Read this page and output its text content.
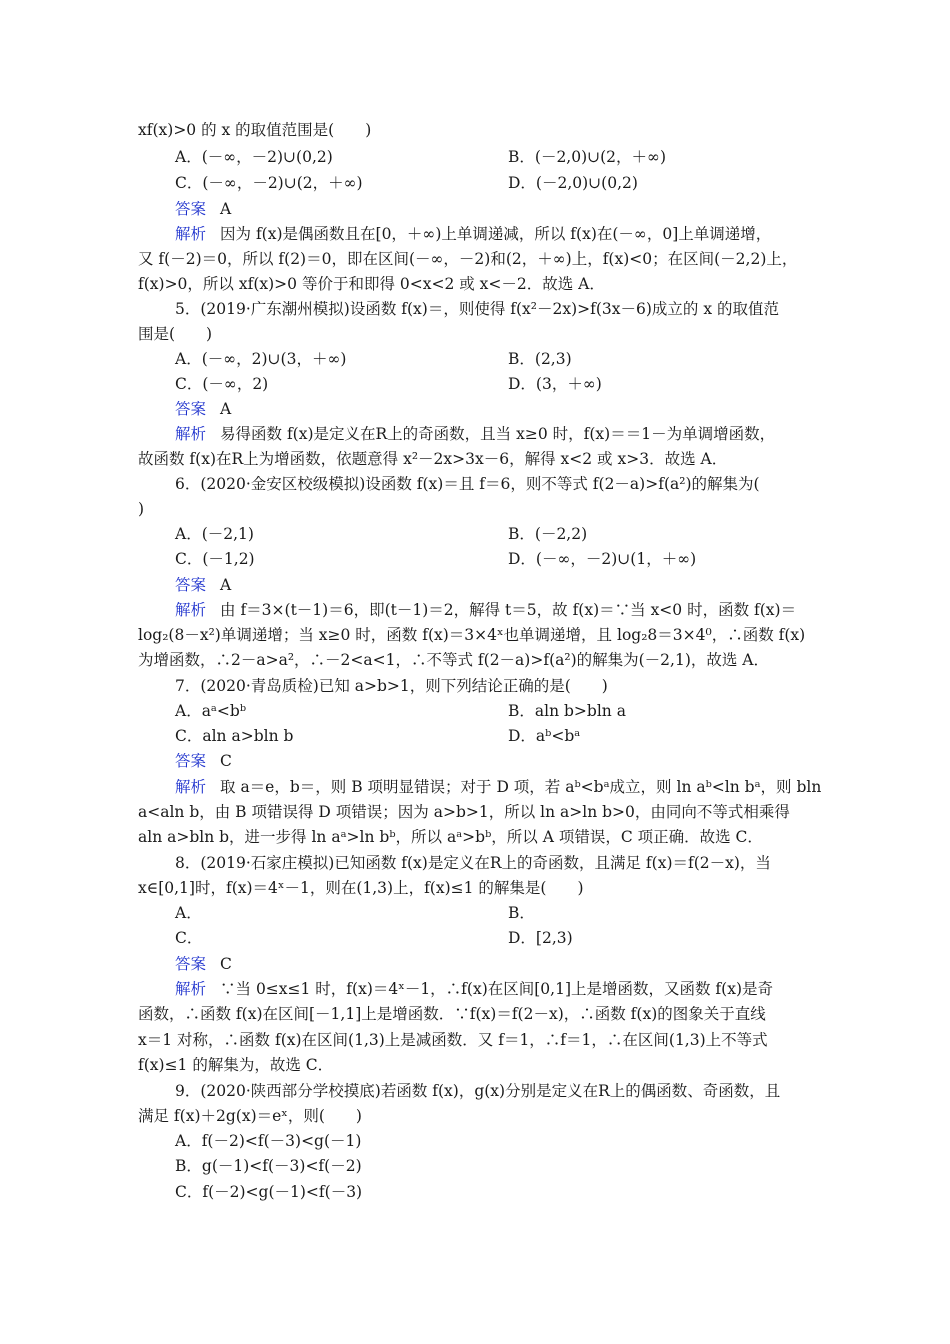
xf(x)>0 的 x 的取值范围是(　　)
A．(－∞，－2)∪(0,2)	B．(－2,0)∪(2，＋∞)
C．(－∞，－2)∪(2，＋∞)	D．(－2,0)∪(0,2)
答案 A
解析 因为 f(x)是偶函数且在[0，＋∞)上单调递减，所以 f(x)在(－∞，0]上单调递增，
又 f(－2)＝0，所以 f(2)＝0，即在区间(－∞，－2)和(2，＋∞)上，f(x)<0；在区间(－2,2)上，
f(x)>0，所以 xf(x)>0 等价于和即得 0<x<2 或 x<－2．故选 A．
5．(2019·广东潮州模拟)设函数 f(x)＝，则使得 f(x²－2x)>f(3x－6)成立的 x 的取值范
围是(　　)
A．(－∞，2)∪(3，＋∞)	B．(2,3)
C．(－∞，2)	D．(3，＋∞)
答案 A
解析 易得函数 f(x)是定义在R上的奇函数，且当 x≥0 时，f(x)＝＝1－为单调增函数，
故函数 f(x)在R上为增函数，依题意得 x²－2x>3x－6，解得 x<2 或 x>3．故选 A．
6．(2020·金安区校级模拟)设函数 f(x)＝且 f＝6，则不等式 f(2－a)>f(a²)的解集为(
)
A．(－2,1)	B．(－2,2)
C．(－1,2)	D．(－∞，－2)∪(1，＋∞)
答案 A
解析 由 f＝3×(t－1)＝6，即(t－1)＝2，解得 t＝5，故 f(x)＝∵当 x<0 时，函数 f(x)＝
log₂(8－x²)单调递增；当 x≥0 时，函数 f(x)＝3×4ˣ也单调递增，且 log₂8＝3×4⁰，∴函数 f(x)
为增函数，∴2－a>a²，∴－2<a<1，∴不等式 f(2－a)>f(a²)的解集为(－2,1)，故选 A．
7．(2020·青岛质检)已知 a>b>1，则下列结论正确的是(　　)
A．aᵃ<bᵇ	B．aln b>bln a
C．aln a>bln b	D．aᵇ<bᵃ
答案 C
解析 取 a＝e，b＝，则 B 项明显错误；对于 D 项，若 aᵇ<bᵃ成立，则 ln aᵇ<ln bᵃ，则 bln
a<aln b，由 B 项错误得 D 项错误；因为 a>b>1，所以 ln a>ln b>0，由同向不等式相乘得
aln a>bln b，进一步得 ln aᵃ>ln bᵇ，所以 aᵃ>bᵇ，所以 A 项错误，C 项正确．故选 C．
8．(2019·石家庄模拟)已知函数 f(x)是定义在R上的奇函数，且满足 f(x)＝f(2－x)，当
x∈[0,1]时，f(x)＝4ˣ－1，则在(1,3)上，f(x)≤1 的解集是(　　)
A．	B．
C．	D．[2,3)
答案 C
解析 ∵当 0≤x≤1 时，f(x)＝4ˣ－1，∴f(x)在区间[0,1]上是增函数，又函数 f(x)是奇
函数，∴函数 f(x)在区间[－1,1]上是增函数．∵f(x)＝f(2－x)，∴函数 f(x)的图象关于直线
x＝1 对称，∴函数 f(x)在区间(1,3)上是减函数．又 f＝1，∴f＝1，∴在区间(1,3)上不等式
f(x)≤1 的解集为，故选 C．
9．(2020·陕西部分学校摸底)若函数 f(x)，g(x)分别是定义在R上的偶函数、奇函数，且
满足 f(x)＋2g(x)＝eˣ，则(　　)
A．f(－2)<f(－3)<g(－1)
B．g(－1)<f(－3)<f(－2)
C．f(－2)<g(－1)<f(－3)
